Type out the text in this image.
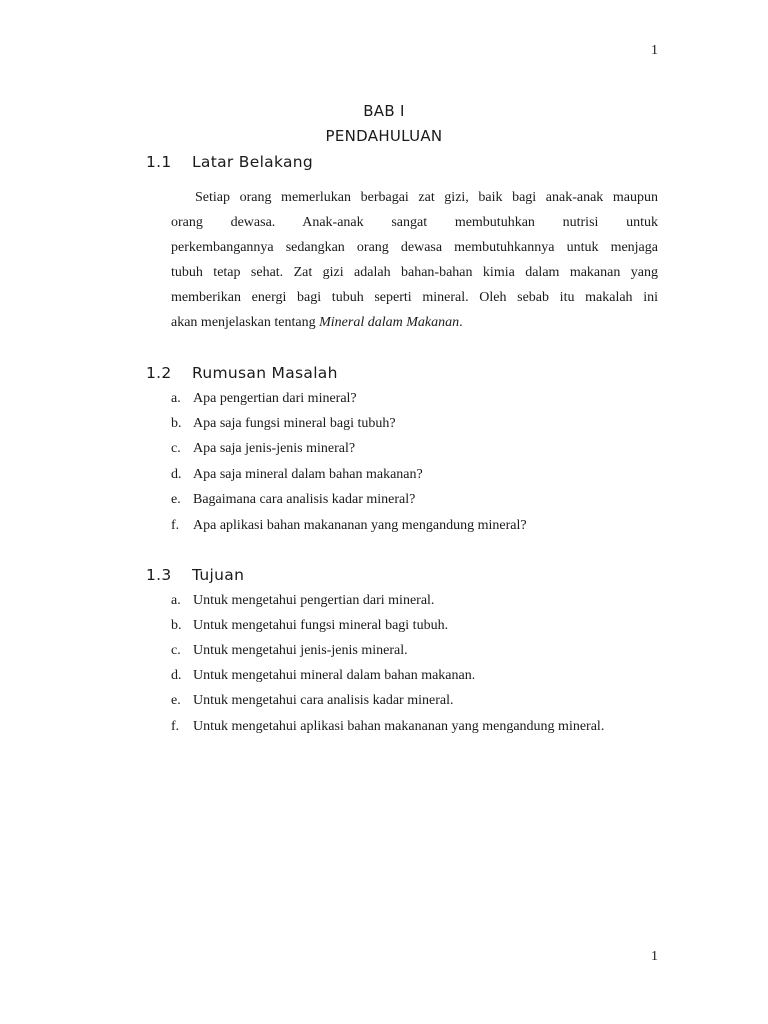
1
BAB I
PENDAHULUAN
1.1 Latar Belakang
Setiap orang memerlukan berbagai zat gizi, baik bagi anak-anak maupun
orang dewasa. Anak-anak sangat membutuhkan nutrisi untuk
perkembangannya sedangkan orang dewasa membutuhkannya untuk menjaga
tubuh tetap sehat. Zat gizi adalah bahan-bahan kimia dalam makanan yang
memberikan energi bagi tubuh seperti mineral. Oleh sebab itu makalah ini
akan menjelaskan tentang Mineral dalam Makanan.
1.2 Rumusan Masalah
a. Apa pengertian dari mineral?
b. Apa saja fungsi mineral bagi tubuh?
c. Apa saja jenis-jenis mineral?
d. Apa saja mineral dalam bahan makanan?
e. Bagaimana cara analisis kadar mineral?
f. Apa aplikasi bahan makananan yang mengandung mineral?
1.3 Tujuan
a. Untuk mengetahui pengertian dari mineral.
b. Untuk mengetahui fungsi mineral bagi tubuh.
c. Untuk mengetahui jenis-jenis mineral.
d. Untuk mengetahui mineral dalam bahan makanan.
e. Untuk mengetahui cara analisis kadar mineral.
f. Untuk mengetahui aplikasi bahan makananan yang mengandung mineral.
1
